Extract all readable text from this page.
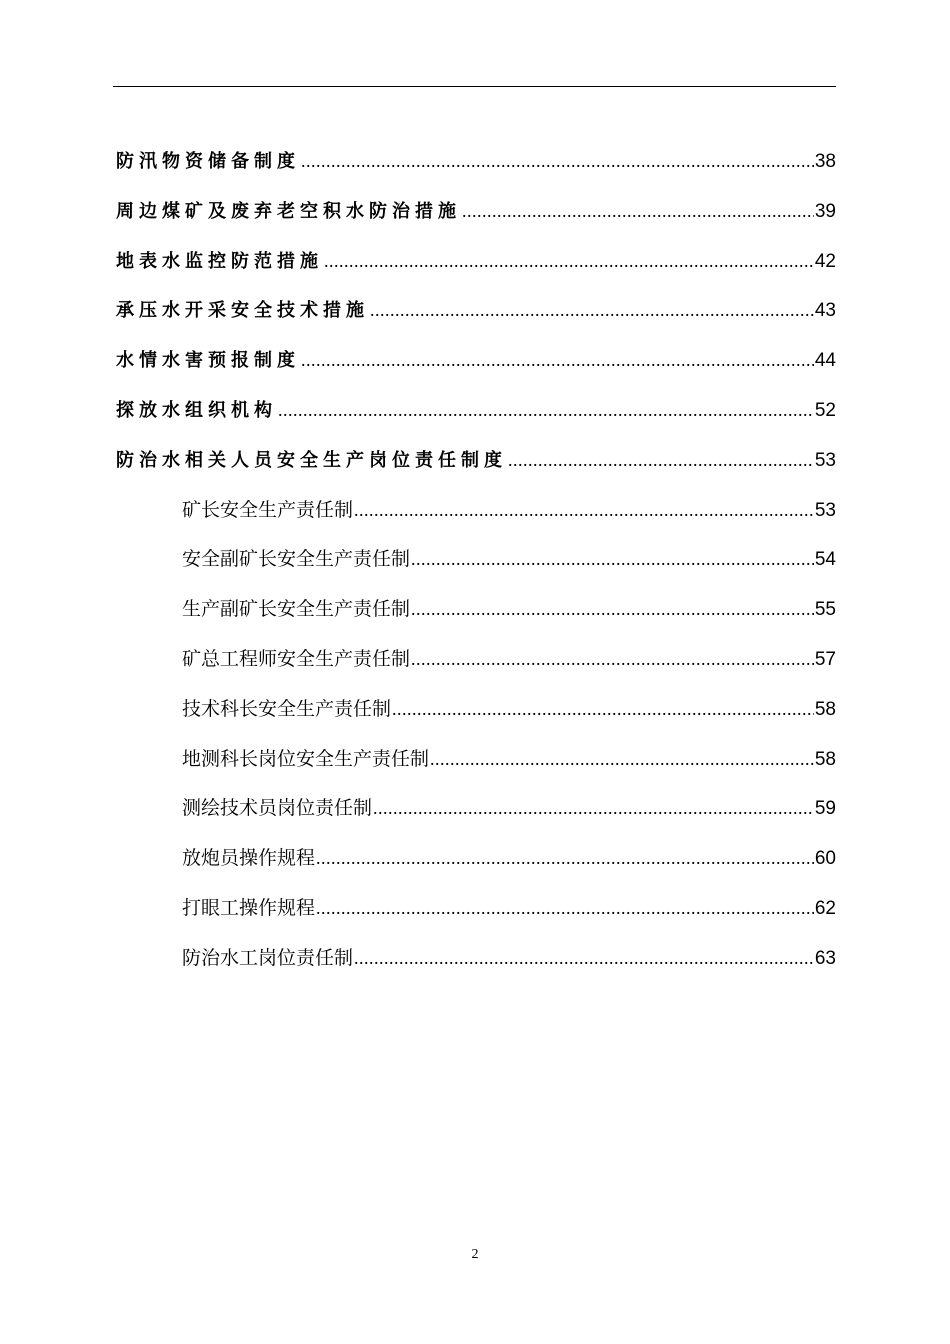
防汛物资储备制度 .....	38
周边煤矿及废弃老空积水防治措施 .....	39
地表水监控防范措施 .....	42
承压水开采安全技术措施 .....	43
水情水害预报制度 .....	44
探放水组织机构 .....	52
防治水相关人员安全生产岗位责任制度 .....	53
矿长安全生产责任制 .....	53
安全副矿长安全生产责任制 .....	54
生产副矿长安全生产责任制 .....	55
矿总工程师安全生产责任制 .....	57
技术科长安全生产责任制 .....	58
地测科长岗位安全生产责任制 .....	58
测绘技术员岗位责任制 .....	59
放炮员操作规程 .....	60
打眼工操作规程 .....	62
防治水工岗位责任制 .....	63
2
